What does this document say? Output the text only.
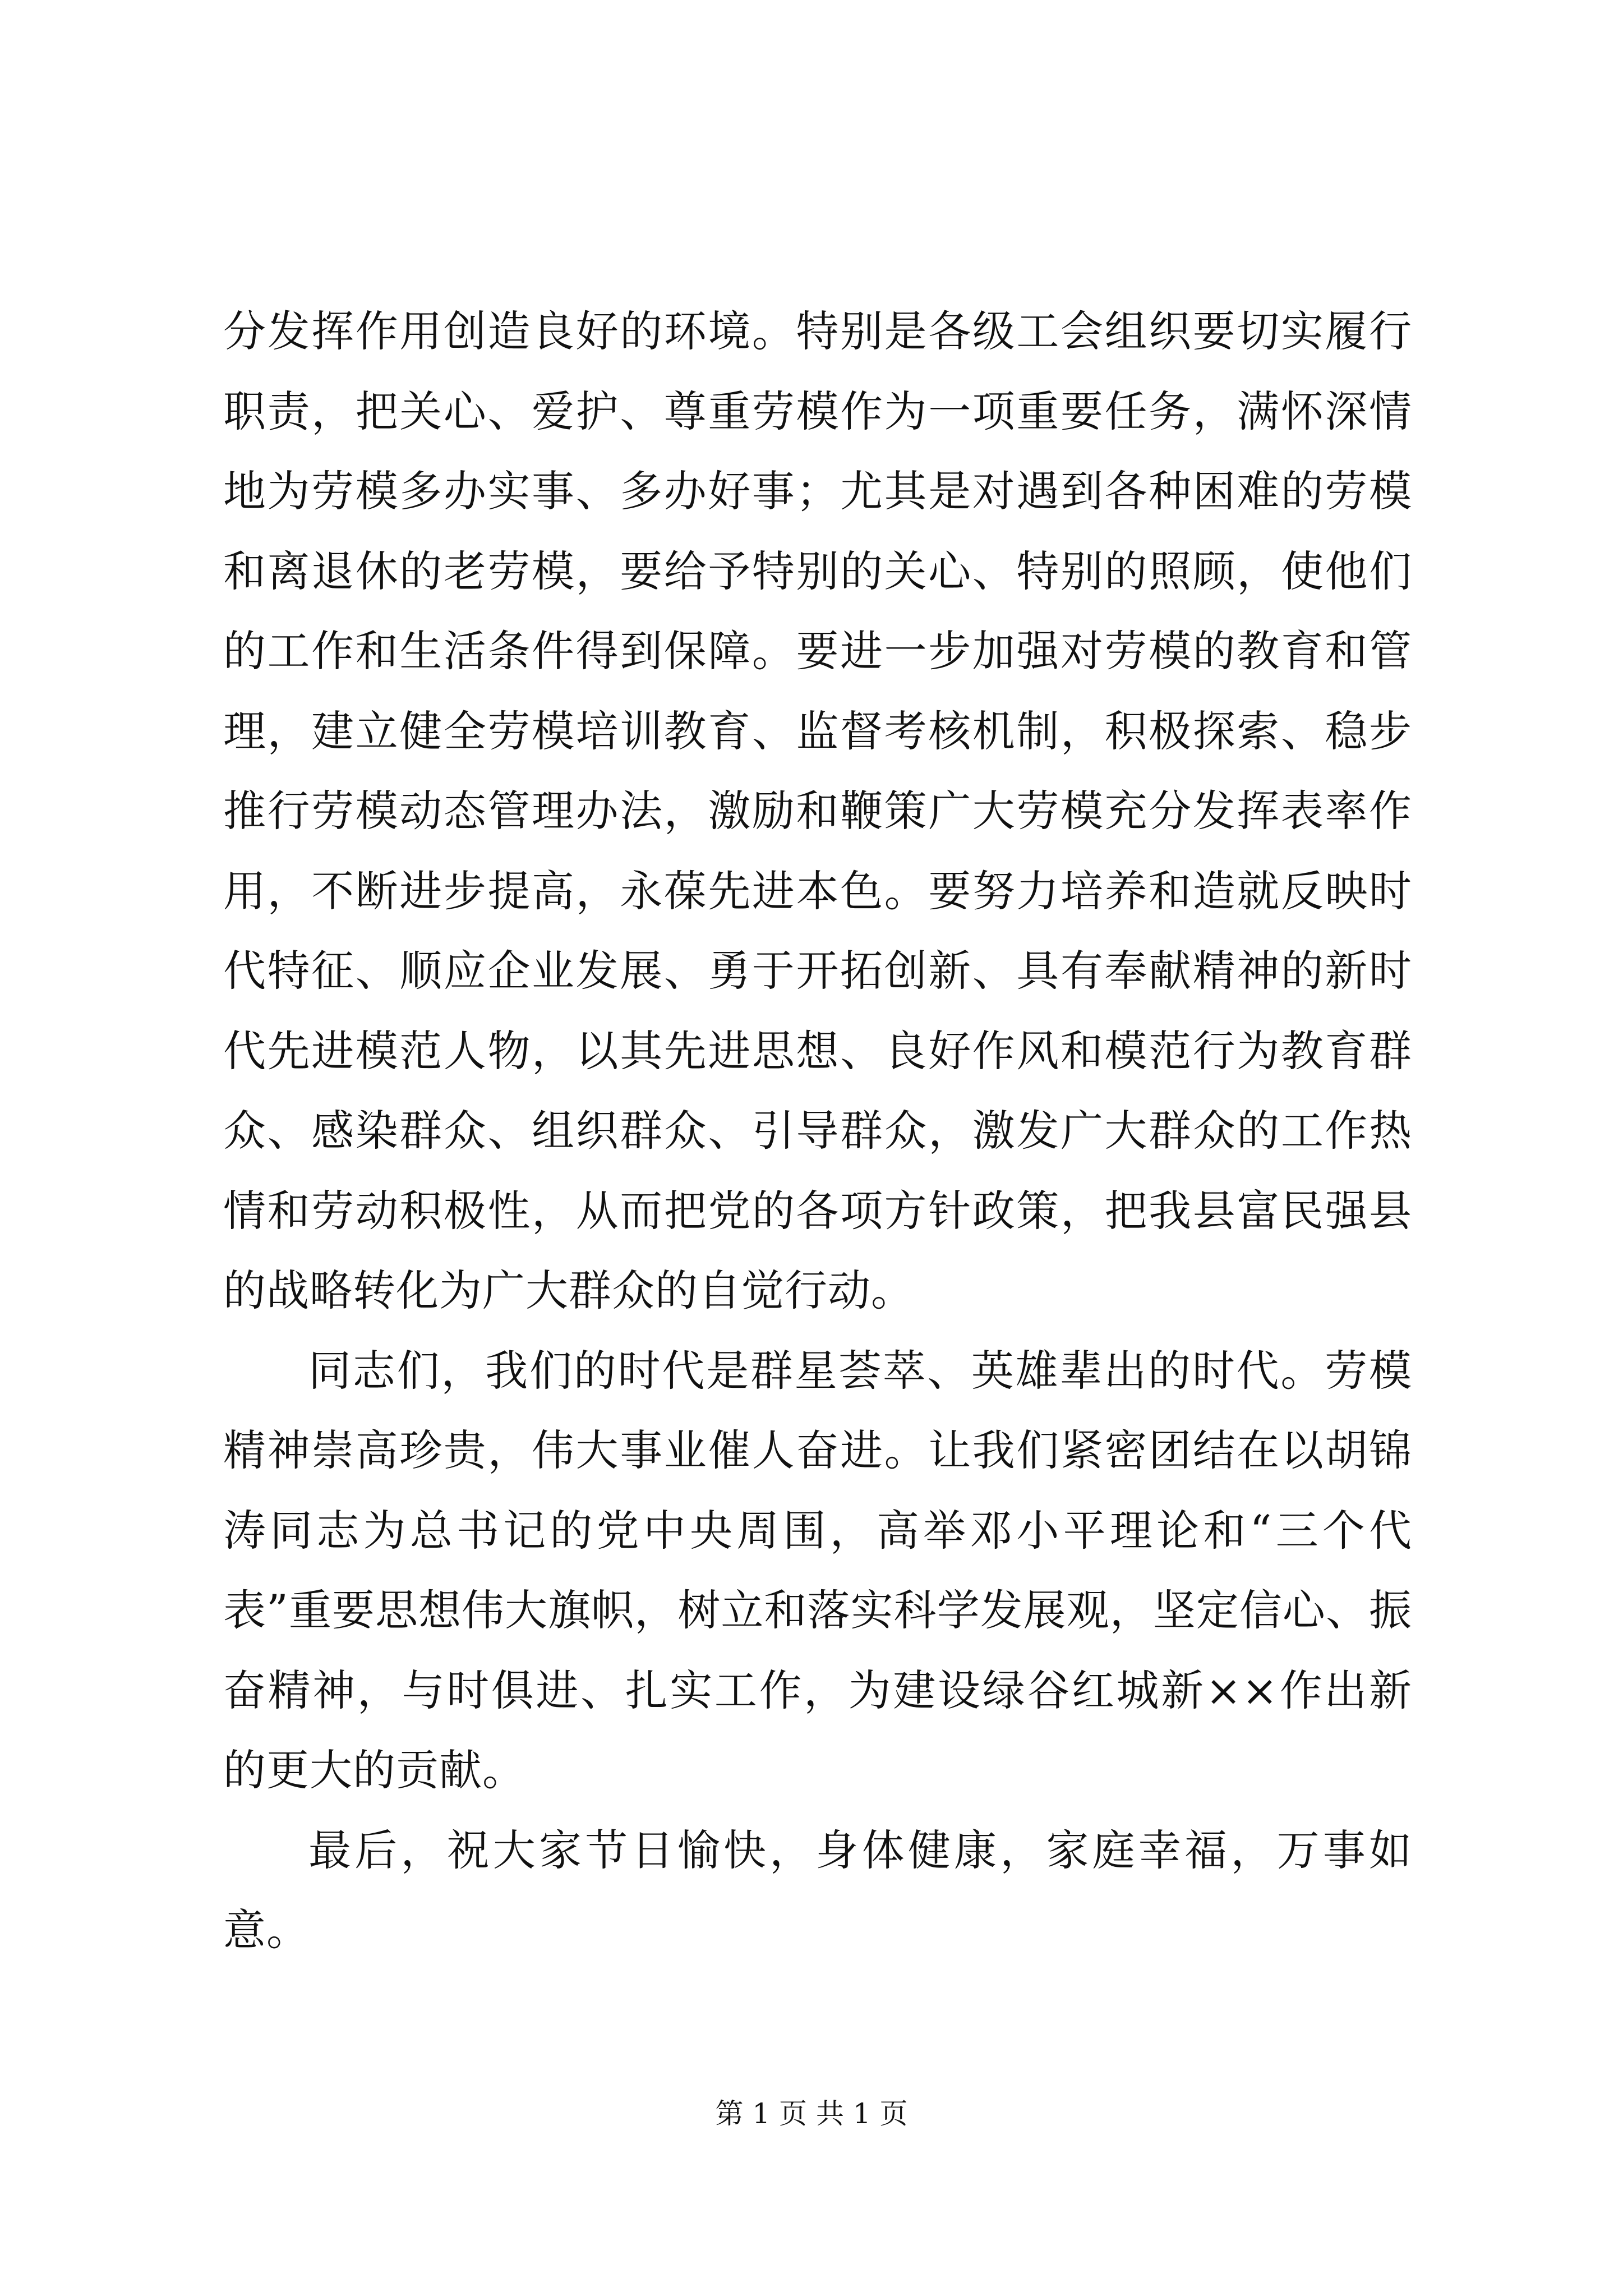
分发挥作用创造良好的环境。特别是各级工会组织要切实履行职责，把关心、爱护、尊重劳模作为一项重要任务，满怀深情地为劳模多办实事、多办好事；尤其是对遇到各种困难的劳模和离退休的老劳模，要给予特别的关心、特别的照顾，使他们的工作和生活条件得到保障。要进一步加强对劳模的教育和管理，建立健全劳模培训教育、监督考核机制，积极探索、稳步推行劳模动态管理办法，激励和鞭策广大劳模充分发挥表率作用，不断进步提高，永葆先进本色。要努力培养和造就反映时代特征、顺应企业发展、勇于开拓创新、具有奉献精神的新时代先进模范人物，以其先进思想、良好作风和模范行为教育群众、感染群众、组织群众、引导群众，激发广大群众的工作热情和劳动积极性，从而把党的各项方针政策，把我县富民强县的战略转化为广大群众的自觉行动。

同志们，我们的时代是群星荟萃、英雄辈出的时代。劳模精神崇高珍贵，伟大事业催人奋进。让我们紧密团结在以胡锦涛同志为总书记的党中央周围，高举邓小平理论和“三个代表”重要思想伟大旗帜，树立和落实科学发展观，坚定信心、振奋精神，与时俱进、扎实工作，为建设绿谷红城新××作出新的更大的贡献。

最后，祝大家节日愉快，身体健康，家庭幸福，万事如意。

第 1 页 共 1 页
